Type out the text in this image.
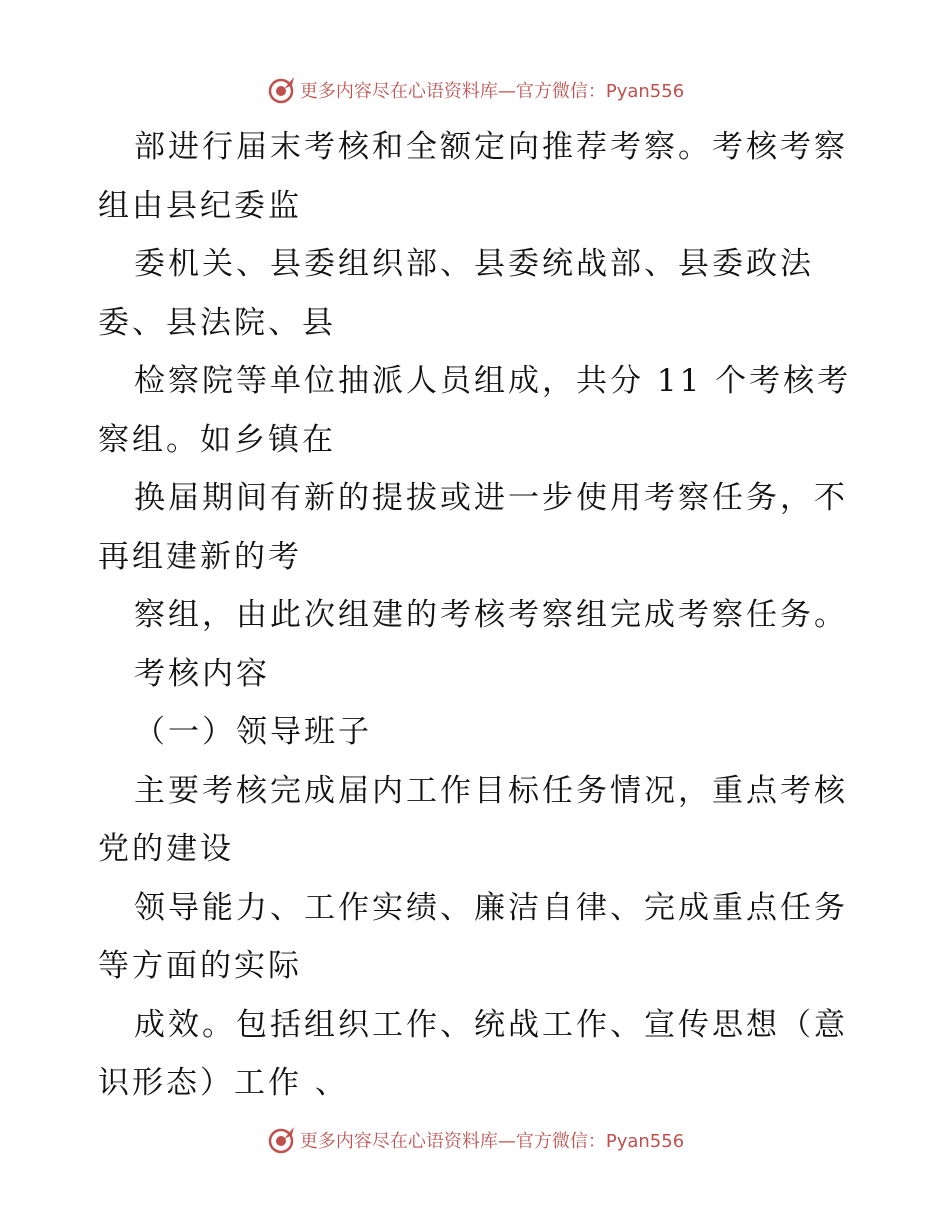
更多内容尽在心语资料库—官方微信：Pyan556
部进行届末考核和全额定向推荐考察。考核考察
组由县纪委监
委机关、县委组织部、县委统战部、县委政法
委、县法院、县
检察院等单位抽派人员组成，共分 11 个考核考
察组。如乡镇在
换届期间有新的提拔或进一步使用考察任务，不
再组建新的考
察组，由此次组建的考核考察组完成考察任务。
考核内容
（一）领导班子
主要考核完成届内工作目标任务情况，重点考核
党的建设
领导能力、工作实绩、廉洁自律、完成重点任务
等方面的实际
成效。包括组织工作、统战工作、宣传思想（意
识形态）工作 、
更多内容尽在心语资料库—官方微信：Pyan556
